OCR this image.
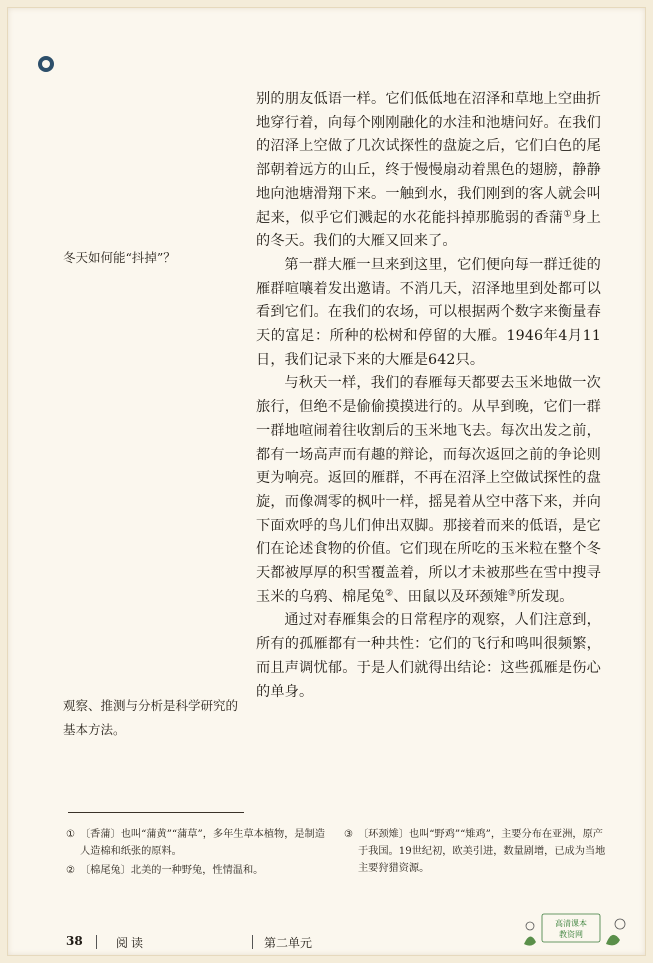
别的朋友低语一样。它们低低地在沼泽和草地上空曲折地穿行着，向每个刚刚融化的水洼和池塘问好。在我们的沼泽上空做了几次试探性的盘旋之后，它们白色的尾部朝着远方的山丘，终于慢慢扇动着黑色的翅膀，静静地向池塘滑翔下来。一触到水，我们刚到的客人就会叫起来，似乎它们溅起的水花能抖掉那脆弱的香蒲①身上的冬天。我们的大雁又回来了。

第一群大雁一旦来到这里，它们便向每一群迁徙的雁群喧嚷着发出邀请。不消几天，沼泽地里到处都可以看到它们。在我们的农场，可以根据两个数字来衡量春天的富足：所种的松树和停留的大雁。1946年4月11日，我们记录下来的大雁是642只。

与秋天一样，我们的春雁每天都要去玉米地做一次旅行，但绝不是偷偷摸摸进行的。从早到晚，它们一群一群地喧闹着往收割后的玉米地飞去。每次出发之前，都有一场高声而有趣的辩论，而每次返回之前的争论则更为响亮。返回的雁群，不再在沼泽上空做试探性的盘旋，而像凋零的枫叶一样，摇晃着从空中落下来，并向下面欢呼的鸟儿们伸出双脚。那接着而来的低语，是它们在论述食物的价值。它们现在所吃的玉米粒在整个冬天都被厚厚的积雪覆盖着，所以才未被那些在雪中搜寻玉米的乌鸦、棉尾兔②、田鼠以及环颈雉③所发现。

通过对春雁集会的日常程序的观察，人们注意到，所有的孤雁都有一种共性：它们的飞行和鸣叫很频繁，而且声调忧郁。于是人们就得出结论：这些孤雁是伤心的单身。

冬天如何能“抖掉”？
观察、推测与分析是科学研究的基本方法。
① 〔香蒲〕也叫“蒲黄”“蒲草”，多年生草本植物，是制造人造棉和纸张的原料。
② 〔棉尾兔〕北美的一种野兔，性情温和。
③ 〔环颈雉〕也叫“野鸡”“雉鸡”，主要分布在亚洲，原产于我国。19世纪初，欧美引进，数量剧增，已成为当地主要狩猎资源。
38	阅读	第二单元
高清课本
教资网
